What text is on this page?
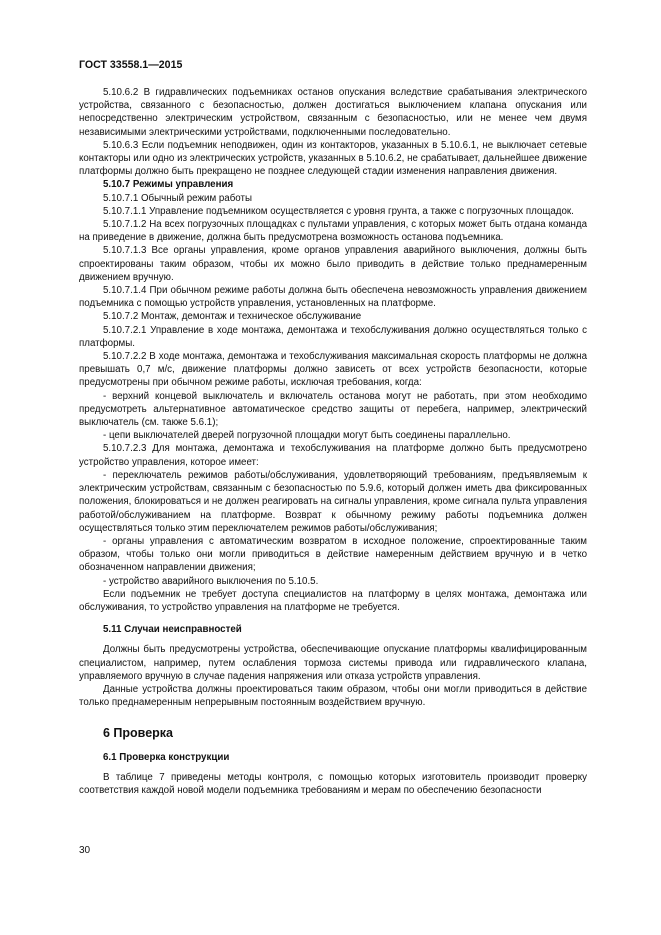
ГОСТ 33558.1—2015

5.10.6.2 В гидравлических подъемниках останов опускания вследствие срабатывания электрического устройства, связанного с безопасностью, должен достигаться выключением клапана опускания или непосредственно электрическим устройством, связанным с безопасностью, или не менее чем двумя независимыми электрическими устройствами, подключенными последовательно.

5.10.6.3 Если подъемник неподвижен, один из контакторов, указанных в 5.10.6.1, не выключает сетевые контакторы или одно из электрических устройств, указанных в 5.10.6.2, не срабатывает, дальнейшее движение платформы должно быть прекращено не позднее следующей стадии изменения направления движения.

5.10.7 Режимы управления

5.10.7.1 Обычный режим работы

5.10.7.1.1 Управление подъемником осуществляется с уровня грунта, а также с погрузочных площадок.

5.10.7.1.2 На всех погрузочных площадках с пультами управления, с которых может быть отдана команда на приведение в движение, должна быть предусмотрена возможность останова подъемника.

5.10.7.1.3 Все органы управления, кроме органов управления аварийного выключения, должны быть спроектированы таким образом, чтобы их можно было приводить в действие только преднамеренным движением вручную.

5.10.7.1.4 При обычном режиме работы должна быть обеспечена невозможность управления движением подъемника с помощью устройств управления, установленных на платформе.

5.10.7.2 Монтаж, демонтаж и техническое обслуживание

5.10.7.2.1 Управление в ходе монтажа, демонтажа и техобслуживания должно осуществляться только с платформы.

5.10.7.2.2 В ходе монтажа, демонтажа и техобслуживания максимальная скорость платформы не должна превышать 0,7 м/с, движение платформы должно зависеть от всех устройств безопасности, которые предусмотрены при обычном режиме работы, исключая требования, когда:

- верхний концевой выключатель и включатель останова могут не работать, при этом необходимо предусмотреть альтернативное автоматическое средство защиты от перебега, например, электрический выключатель (см. также 5.6.1);

- цепи выключателей дверей погрузочной площадки могут быть соединены параллельно.

5.10.7.2.3 Для монтажа, демонтажа и техобслуживания на платформе должно быть предусмотрено устройство управления, которое имеет:

- переключатель режимов работы/обслуживания, удовлетворяющий требованиям, предъявляемым к электрическим устройствам, связанным с безопасностью по 5.9.6, который должен иметь два фиксированных положения, блокироваться и не должен реагировать на сигналы управления, кроме сигнала пульта управления работой/обслуживанием на платформе. Возврат к обычному режиму работы подъемника должен осуществляться только этим переключателем режимов работы/обслуживания;

- органы управления с автоматическим возвратом в исходное положение, спроектированные таким образом, чтобы только они могли приводиться в действие намеренным действием вручную и в четко обозначенном направлении движения;

- устройство аварийного выключения по 5.10.5.

Если подъемник не требует доступа специалистов на платформу в целях монтажа, демонтажа или обслуживания, то устройство управления на платформе не требуется.

5.11 Случаи неисправностей

Должны быть предусмотрены устройства, обеспечивающие опускание платформы квалифицированным специалистом, например, путем ослабления тормоза системы привода или гидравлического клапана, управляемого вручную в случае падения напряжения или отказа устройств управления.

Данные устройства должны проектироваться таким образом, чтобы они могли приводиться в действие только преднамеренным непрерывным постоянным воздействием вручную.

6 Проверка

6.1 Проверка конструкции

В таблице 7 приведены методы контроля, с помощью которых изготовитель производит проверку соответствия каждой новой модели подъемника требованиям и мерам по обеспечению безопасности

30
